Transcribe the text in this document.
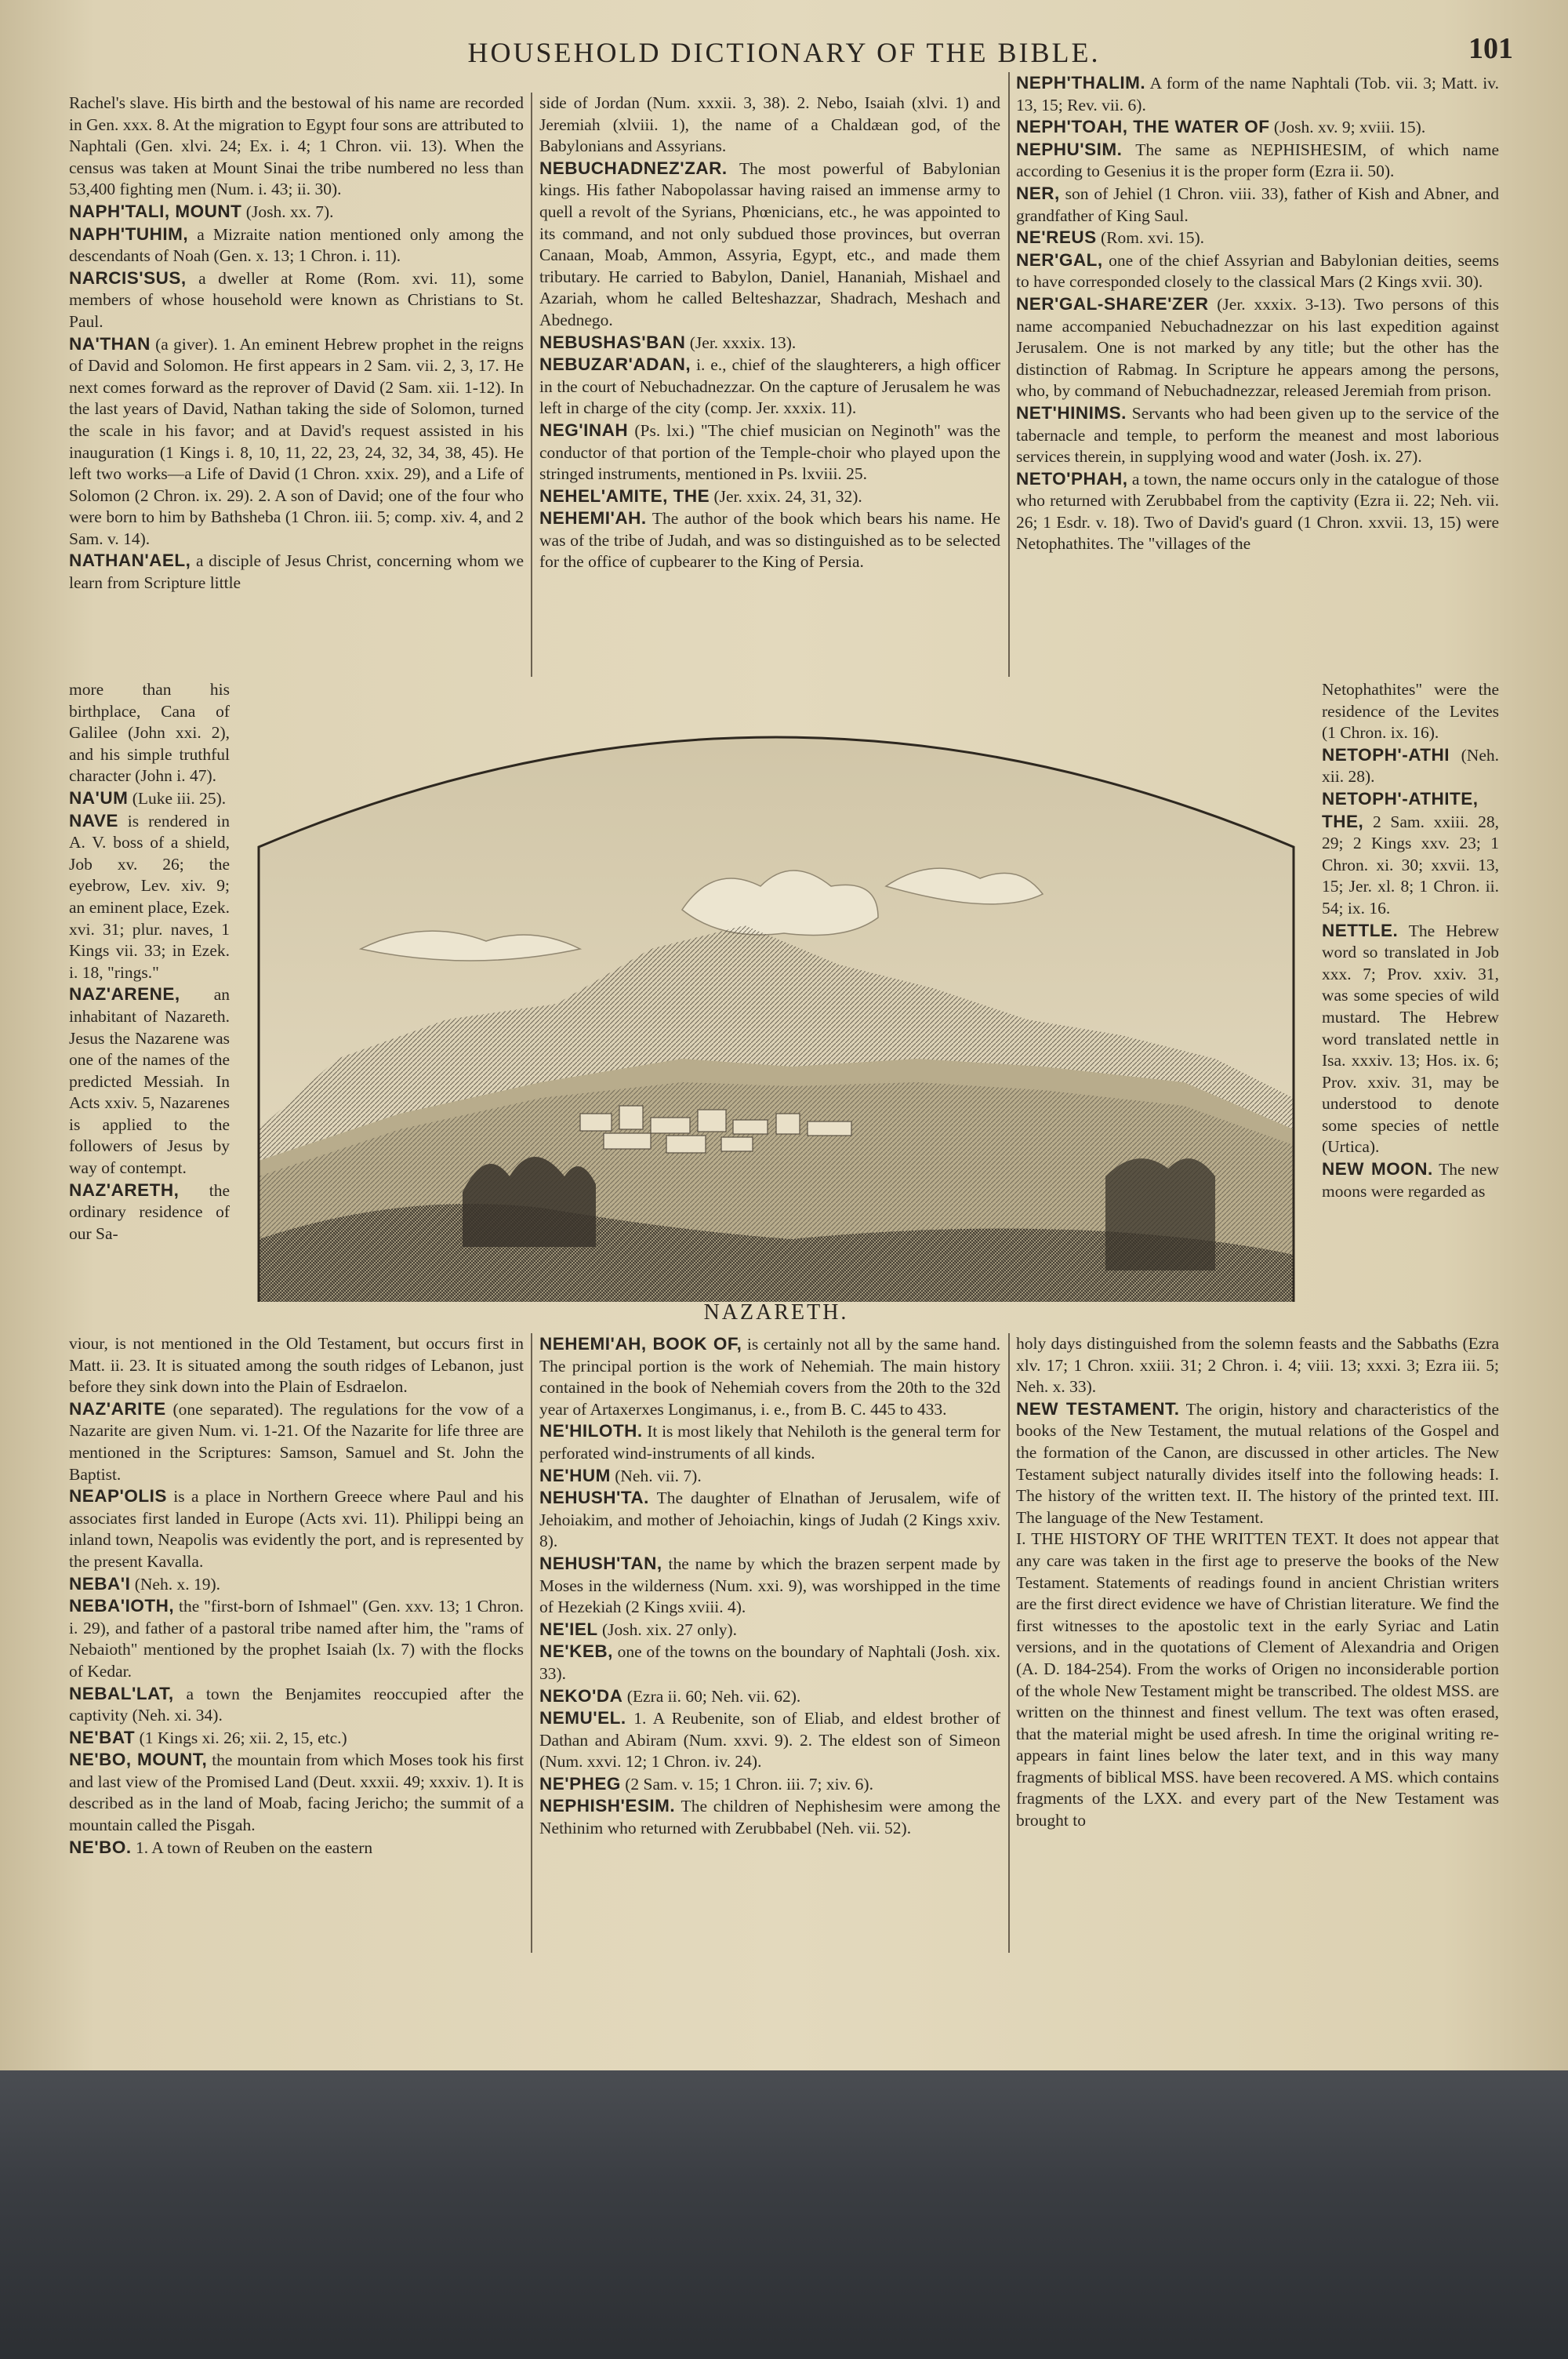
HOUSEHOLD DICTIONARY OF THE BIBLE.	101

Rachel's slave. His birth and the bestowal of his name are recorded in Gen. xxx. 8. At the migration to Egypt four sons are attributed to Naphtali (Gen. xlvi. 24; Ex. i. 4; 1 Chron. vii. 13). When the census was taken at Mount Sinai the tribe numbered no less than 53,400 fighting men (Num. i. 43; ii. 30).

NAPH'TALI, MOUNT (Josh. xx. 7).

NAPH'TUHIM, a Mizraite nation mentioned only among the descendants of Noah (Gen. x. 13; 1 Chron. i. 11).

NARCIS'SUS, a dweller at Rome (Rom. xvi. 11), some members of whose household were known as Christians to St. Paul.

NA'THAN (a giver). 1. An eminent Hebrew prophet in the reigns of David and Solomon. He first appears in 2 Sam. vii. 2, 3, 17. He next comes forward as the reprover of David (2 Sam. xii. 1-12). In the last years of David, Nathan taking the side of Solomon, turned the scale in his favor; and at David's request assisted in his inauguration (1 Kings i. 8, 10, 11, 22, 23, 24, 32, 34, 38, 45). He left two works—a Life of David (1 Chron. xxix. 29), and a Life of Solomon (2 Chron. ix. 29). 2. A son of David; one of the four who were born to him by Bathsheba (1 Chron. iii. 5; comp. xiv. 4, and 2 Sam. v. 14).

NATHAN'AEL, a disciple of Jesus Christ, concerning whom we learn from Scripture little

more than his birthplace, Cana of Galilee (John xxi. 2), and his simple truthful character (John i. 47).

NA'UM (Luke iii. 25).

NAVE is rendered in A. V. boss of a shield, Job xv. 26; the eyebrow, Lev. xiv. 9; an eminent place, Ezek. xvi. 31; plur. naves, 1 Kings vii. 33; in Ezek. i. 18, "rings."

NAZ'ARENE, an inhabitant of Nazareth. Jesus the Nazarene was one of the names of the predicted Messiah. In Acts xxiv. 5, Nazarenes is applied to the followers of Jesus by way of contempt.

NAZ'ARETH, the ordinary residence of our Sa-

viour, is not mentioned in the Old Testament, but occurs first in Matt. ii. 23. It is situated among the south ridges of Lebanon, just before they sink down into the Plain of Esdraelon.

NAZ'ARITE (one separated). The regulations for the vow of a Nazarite are given Num. vi. 1-21. Of the Nazarite for life three are mentioned in the Scriptures: Samson, Samuel and St. John the Baptist.

NEAP'OLIS is a place in Northern Greece where Paul and his associates first landed in Europe (Acts xvi. 11). Philippi being an inland town, Neapolis was evidently the port, and is represented by the present Kavalla.

NEBA'I (Neh. x. 19).

NEBA'IOTH, the "first-born of Ishmael" (Gen. xxv. 13; 1 Chron. i. 29), and father of a pastoral tribe named after him, the "rams of Nebaioth" mentioned by the prophet Isaiah (lx. 7) with the flocks of Kedar.

NEBAL'LAT, a town the Benjamites reoccupied after the captivity (Neh. xi. 34).

NE'BAT (1 Kings xi. 26; xii. 2, 15, etc.)

NE'BO, MOUNT, the mountain from which Moses took his first and last view of the Promised Land (Deut. xxxii. 49; xxxiv. 1). It is described as in the land of Moab, facing Jericho; the summit of a mountain called the Pisgah.

NE'BO. 1. A town of Reuben on the eastern

side of Jordan (Num. xxxii. 3, 38). 2. Nebo, Isaiah (xlvi. 1) and Jeremiah (xlviii. 1), the name of a Chaldæan god, of the Babylonians and Assyrians.

NEBUCHADNEZ'ZAR. The most powerful of Babylonian kings. His father Nabopolassar having raised an immense army to quell a revolt of the Syrians, Phœnicians, etc., he was appointed to its command, and not only subdued those provinces, but overran Canaan, Moab, Ammon, Assyria, Egypt, etc., and made them tributary. He carried to Babylon, Daniel, Hananiah, Mishael and Azariah, whom he called Belteshazzar, Shadrach, Meshach and Abednego.

NEBUSHAS'BAN (Jer. xxxix. 13).

NEBUZAR'ADAN, i. e., chief of the slaughterers, a high officer in the court of Nebuchadnezzar. On the capture of Jerusalem he was left in charge of the city (comp. Jer. xxxix. 11).

NEG'INAH (Ps. lxi.) "The chief musician on Neginoth" was the conductor of that portion of the Temple-choir who played upon the stringed instruments, mentioned in Ps. lxviii. 25.

NEHEL'AMITE, THE (Jer. xxix. 24, 31, 32).

NEHEMI'AH. The author of the book which bears his name. He was of the tribe of Judah, and was so distinguished as to be selected for the office of cupbearer to the King of Persia.

NEHEMI'AH, BOOK OF, is certainly not all by the same hand. The principal portion is the work of Nehemiah. The main history contained in the book of Nehemiah covers from the 20th to the 32d year of Artaxerxes Longimanus, i. e., from B. C. 445 to 433.

NE'HILOTH. It is most likely that Nehiloth is the general term for perforated wind-instruments of all kinds.

NE'HUM (Neh. vii. 7).

NEHUSH'TA. The daughter of Elnathan of Jerusalem, wife of Jehoiakim, and mother of Jehoiachin, kings of Judah (2 Kings xxiv. 8).

NEHUSH'TAN, the name by which the brazen serpent made by Moses in the wilderness (Num. xxi. 9), was worshipped in the time of Hezekiah (2 Kings xviii. 4).

NE'IEL (Josh. xix. 27 only).

NE'KEB, one of the towns on the boundary of Naphtali (Josh. xix. 33).

NEKO'DA (Ezra ii. 60; Neh. vii. 62).

NEMU'EL. 1. A Reubenite, son of Eliab, and eldest brother of Dathan and Abiram (Num. xxvi. 9). 2. The eldest son of Simeon (Num. xxvi. 12; 1 Chron. iv. 24).

NE'PHEG (2 Sam. v. 15; 1 Chron. iii. 7; xiv. 6).

NEPHISH'ESIM. The children of Nephishesim were among the Nethinim who returned with Zerubbabel (Neh. vii. 52).

NEPH'THALIM. A form of the name Naphtali (Tob. vii. 3; Matt. iv. 13, 15; Rev. vii. 6).

NEPH'TOAH, THE WATER OF (Josh. xv. 9; xviii. 15).

NEPHU'SIM. The same as NEPHISHESIM, of which name according to Gesenius it is the proper form (Ezra ii. 50).

NER, son of Jehiel (1 Chron. viii. 33), father of Kish and Abner, and grandfather of King Saul.

NE'REUS (Rom. xvi. 15).

NER'GAL, one of the chief Assyrian and Babylonian deities, seems to have corresponded closely to the classical Mars (2 Kings xvii. 30).

NER'GAL-SHARE'ZER (Jer. xxxix. 3-13). Two persons of this name accompanied Nebuchadnezzar on his last expedition against Jerusalem. One is not marked by any title; but the other has the distinction of Rabmag. In Scripture he appears among the persons, who, by command of Nebuchadnezzar, released Jeremiah from prison.

NET'HINIMS. Servants who had been given up to the service of the tabernacle and temple, to perform the meanest and most laborious services therein, in supplying wood and water (Josh. ix. 27).

NETO'PHAH, a town, the name occurs only in the catalogue of those who returned with Zerubbabel from the captivity (Ezra ii. 22; Neh. vii. 26; 1 Esdr. v. 18). Two of David's guard (1 Chron. xxvii. 13, 15) were Netophathites. The "villages of the

Netophathites" were the residence of the Levites (1 Chron. ix. 16).

NETOPH'-ATHI (Neh. xii. 28).

NETOPH'-ATHITE, THE, 2 Sam. xxiii. 28, 29; 2 Kings xxv. 23; 1 Chron. xi. 30; xxvii. 13, 15; Jer. xl. 8; 1 Chron. ii. 54; ix. 16.

NETTLE. The Hebrew word so translated in Job xxx. 7; Prov. xxiv. 31, was some species of wild mustard. The Hebrew word translated nettle in Isa. xxxiv. 13; Hos. ix. 6; Prov. xxiv. 31, may be understood to denote some species of nettle (Urtica).

NEW MOON. The new moons were regarded as

holy days distinguished from the solemn feasts and the Sabbaths (Ezra xlv. 17; 1 Chron. xxiii. 31; 2 Chron. i. 4; viii. 13; xxxi. 3; Ezra iii. 5; Neh. x. 33).

NEW TESTAMENT. The origin, history and characteristics of the books of the New Testament, the mutual relations of the Gospel and the formation of the Canon, are discussed in other articles. The New Testament subject naturally divides itself into the following heads: I. The history of the written text. II. The history of the printed text. III. The language of the New Testament.

I. THE HISTORY OF THE WRITTEN TEXT. It does not appear that any care was taken in the first age to preserve the books of the New Testament. Statements of readings found in ancient Christian writers are the first direct evidence we have of Christian literature. We find the first witnesses to the apostolic text in the early Syriac and Latin versions, and in the quotations of Clement of Alexandria and Origen (A. D. 184-254). From the works of Origen no inconsiderable portion of the whole New Testament might be transcribed. The oldest MSS. are written on the thinnest and finest vellum. The text was often erased, that the material might be used afresh. In time the original writing re-appears in faint lines below the later text, and in this way many fragments of biblical MSS. have been recovered. A MS. which contains fragments of the LXX. and every part of the New Testament was brought to

NAZARETH.
